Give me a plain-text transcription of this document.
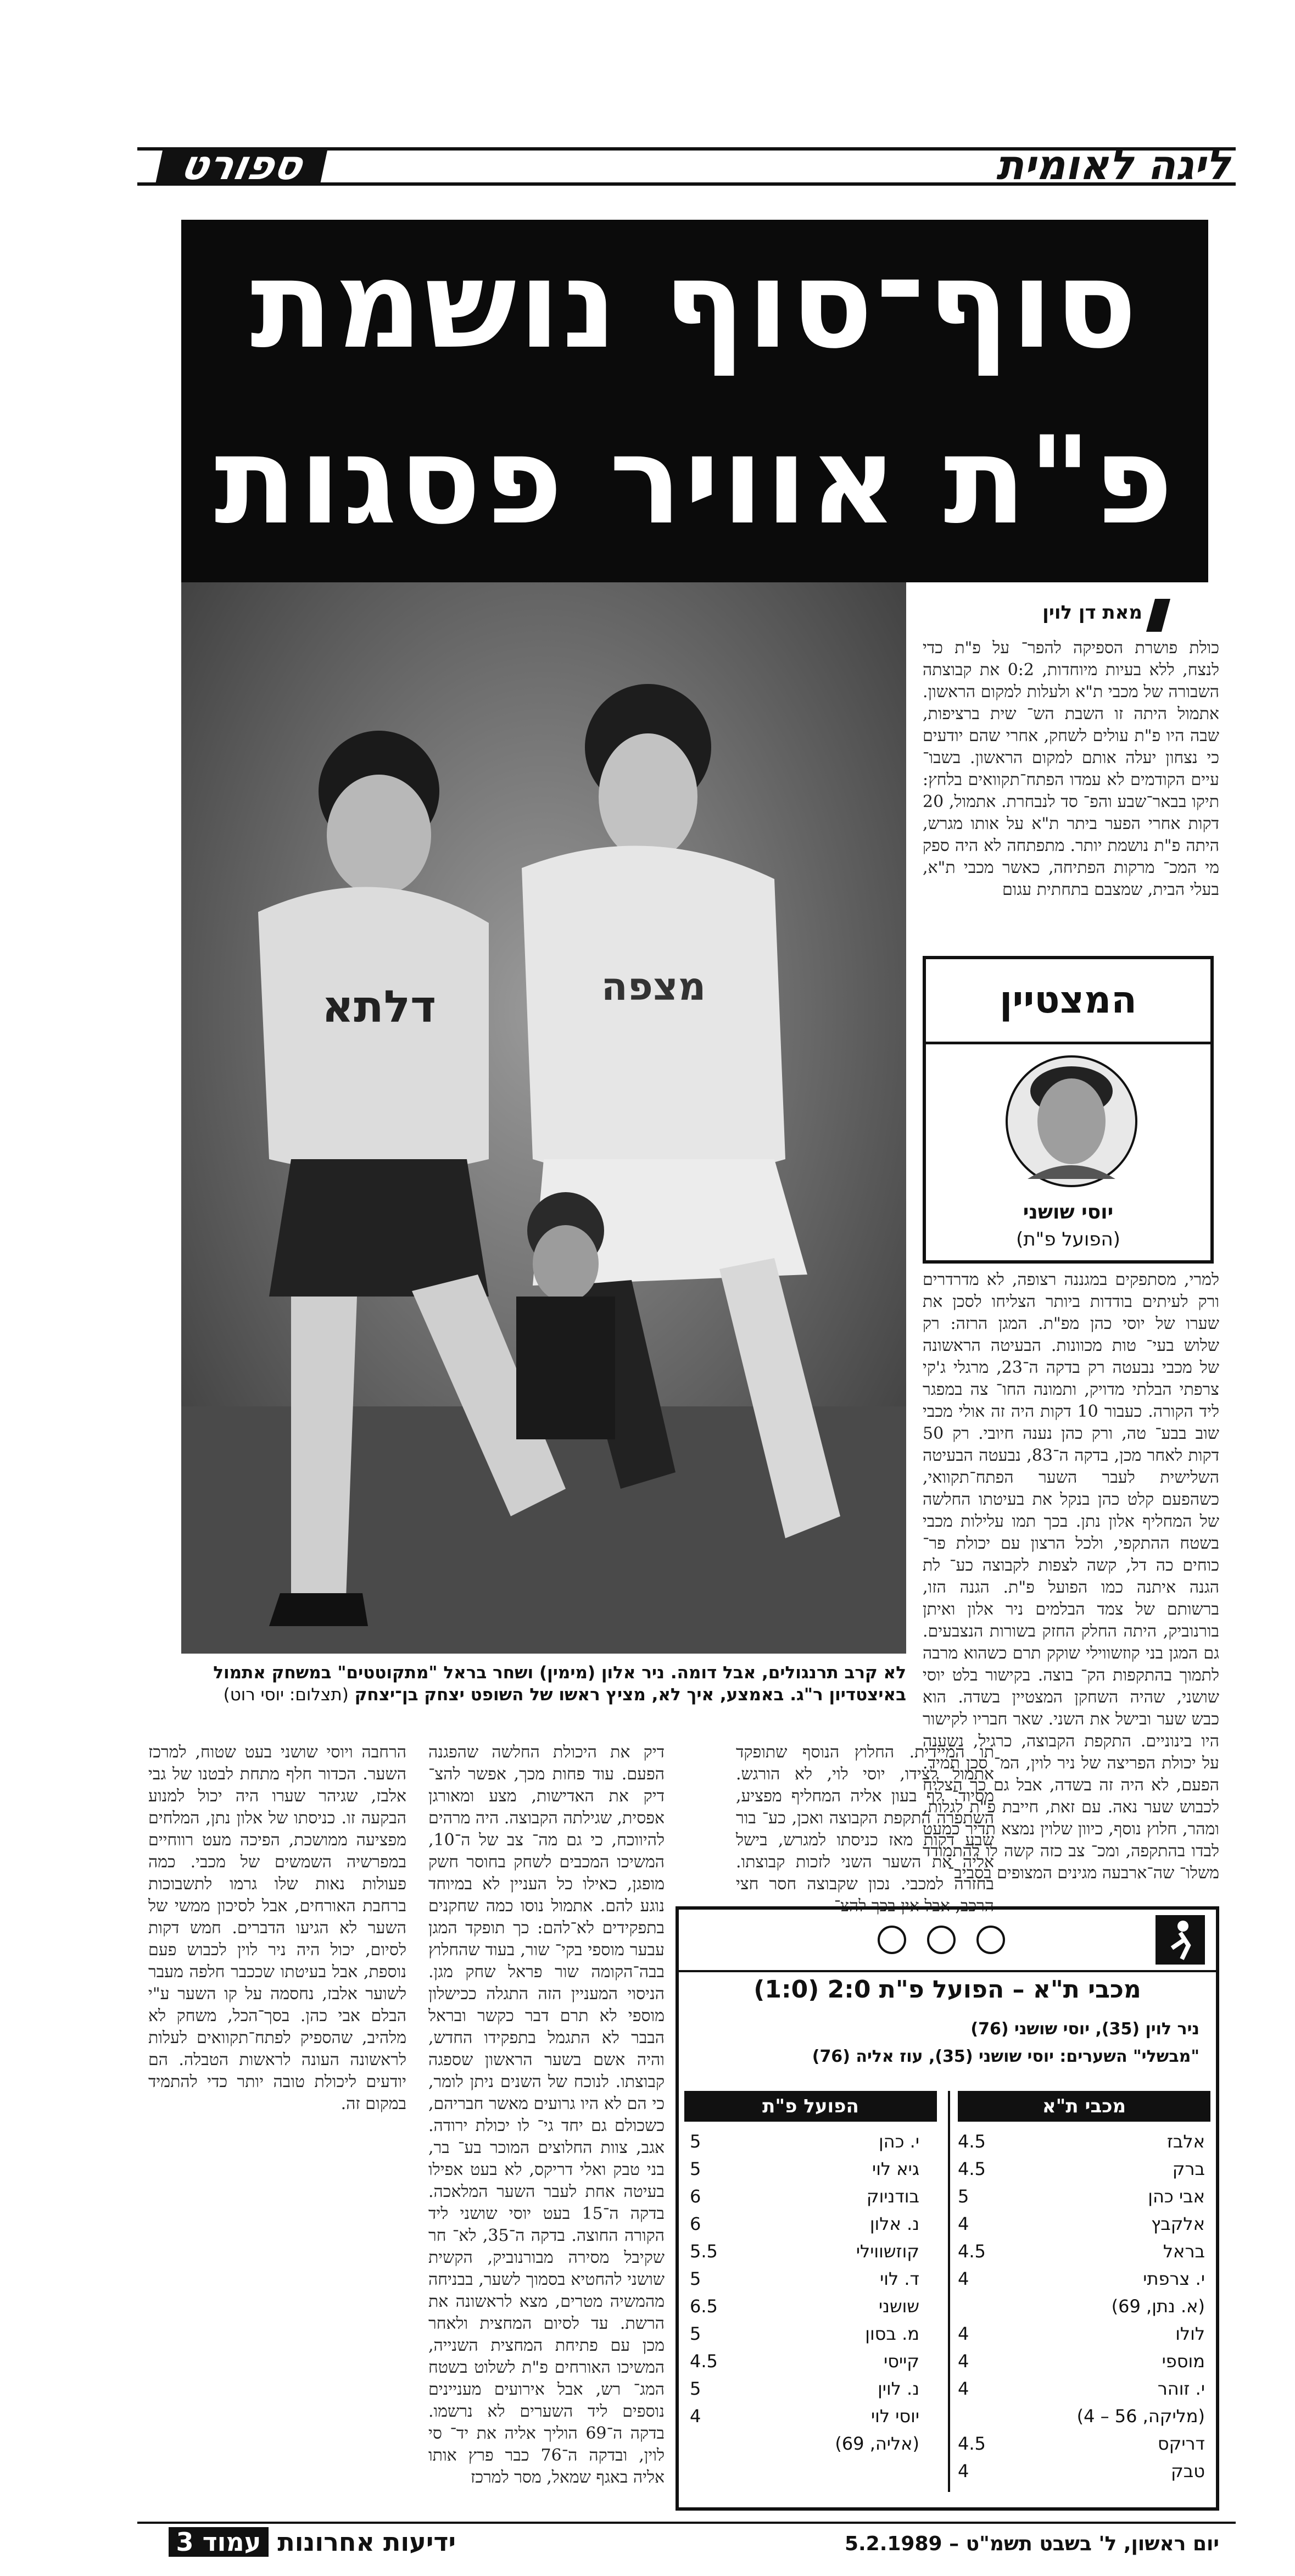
ספורט	ליגה לאומית
סוף־סוף נושמת
פ"ת אוויר פסגות
דלתא	מצפה
לא קרב תרנגולים, אבל דומה. ניר אלון (מימין) ושחר בראל "מתקוטטים" במשחק אתמול באיצטדיון ר"ג. באמצע, איך לא, מציץ ראשו של השופט יצחק בן־יצחק (תצלום: יוסי רוט)
מאת דן לוין
כולת פושרת הספיקה להפר־ על פ"ת כדי לנצח, ללא בעיות מיוחדות, 0:2 את קבוצתה השבורה של מכבי ת"א ולעלות למקום הראשון. אתמול היתה זו השבת הש־ שית ברציפות, שבה היו פ"ת עולים לשחק, אחרי שהם יודעים כי נצחון יעלה אותם למקום הראשון. בשבו־ עיים הקודמים לא עמדו הפתח־תקוואים בלחץ: תיקו בבאר־שבע והפ־ סד לנבחרת. אתמול, 20 דקות אחרי הפער ביתר ת"א על אותו מגרש, היתה פ"ת נושמת יותר. מתפתחה לא היה ספק מי המכ־ מרקות הפתיחה, כאשר מכבי ת"א, בעלי הבית, שמצבם בתחתית עגום
המצטיין
יוסי שושני
(הפועל פ"ת)
למרי, מסתפקים במגננה רצופה, לא מדרדרים ורק לעיתים בודדות ביותר הצליחו לסכן את שערו של יוסי כהן מפ"ת. המגן הרזה: רק שלוש בעי־ טות מכוונות. הבעיטה הראשונה של מכבי נבעטה רק בדקה ה־23, מרגלי ג'קי צרפתי הבלתי מדויק, ותמונה החו־ צה במפגר ליד הקורה. כעבור 10 דקות היה זה אולי מכבי שוב בבע־ טה, ורק כהן נענה חיובי. רק 50 דקות לאחר מכן, בדקה ה־83, נבעטה הבעיטה השלישית לעבר השער הפתח־תקוואי, כשהפעם קלט כהן בנקל את בעיטתו החלשה של המחליף אלון נתן. בכך תמו עלילות מכבי בשטח ההתקפי, ולכל הרצון עם יכולת פר־ כוחים כה דל, קשה לצפות לקבוצה כע־ לת הגנה איתנה כמו הפועל פ"ת. הגנה הזו, ברשותם של צמד הבלמים ניר אלון ואיתן בורנוביק, היתה החלק החזק בשורות הנצבעים. גם המגן בני קוזשווילי שוקק תרם כשהוא מרבה לתמוך בהתקפות הק־ בוצה. בקישור בלט יוסי שושני, שהיה השחקן המצטיין בשדה. הוא כבש שער ובישל את השני. שאר חבריו לקישור היו בינוניים. התקפת הקבוצה, כרגיל, נשענה על יכולת הפריצה של ניר לוין, המ־ סכן תמיד. הפעם, לא היה זה בשדה, אבל גם כך הצליח לכבוש שער נאה. עם זאת, חייבת פ"ת לגלות, ומהר, חלוץ נוסף, כיוון שלוין נמצא תדיר כמעט לבדו בהתקפה, ומכ־ צב כזה קשה לו להתמודד משלו־ שה־ארבעה מגינים המצופים בסביב־
תו המיידית. החלוץ הנוסף שתופקד אתמול לצידו, יוסי לוי, לא הורגש. מסיוד־ לף בעון אליה המחליף מפציע, השתפרה התקפת הקבוצה ואכן, כע־ בור שבע דקות מאז כניסתו למגרש, בישל אליה את השער השני לזכות קבוצתו. בחזרה למכבי. נכון שקבוצה חסר חצי הרכב, אבל אין בכך להצ־
דיק את היכולת החלשה שהפגנה הפעם. עוד פחות מכך, אפשר להצ־ דיק את האדישות, מצע ומאורגן אפסית, שגילתה הקבוצה. היה מרהים להיווכח, כי גם מה־ צב של ה־10, המשיכו המכבים לשחק בחוסר חשק מופגן, כאילו כל העניין לא במיוחד נוגע להם. אתמול נוסו כמה שחקנים בתפקידים לא־להם: כך תופקד המגן עבער מוספי בקי־ שור, בעוד שהחלוץ בבה־הקומה שור פראל שחק מגן. הניסוי המעניין הזה התגלה ככישלון מוספי לא תרם דבר כקשר ובראל הבבר לא התגמל בתפקידו החדש, והיה אשם בשער הראשון שספגה קבוצתו. לנוכח של השנים ניתן לומר, כי הם לא היו גרועים מאשר חבריהם, כשכולם גם יחד גי־ לו יכולת ירודה. אגב, צוות החלוצים המוכר בע־ בר, בני טבק ואלי דריקס, לא בעט אפילו בעיטה אחת לעבר השער המלאכה. בדקה ה־15 בעט יוסי שושני ליד הקורה החוצה. בדקה ה־35, לא־ חר שקיבל מסירה מבורנוביק, הקשית שושני להחטיא בסמוך לשער, בבניחה מהמשיה מטרים, מצא לראשונה את הרשת. עד לסיום המחצית ולאחר מכן עם פתיחת המחצית השנייה, המשיכו האורחים פ"ת לשלוט בשטח המג־ רש, אבל אירועים מעניינים נוספים ליד השערים לא נרשמו. בדקה ה־69 הוליך אליה את יד־ סי לוין, ובדקה ה־76 כבר פרץ אותו אליה באגף שמאל, מסר למרכז
הרחבה ויוסי שושני בעט שטוח, למרכז השער. הכדור חלף מתחת לבטנו של גבי אלבז, שגיהר שערו היה יכול למנוע הבקעה זו. כניסתו של אלון נתן, המלחים מפציעה ממושכת, הפיכה מעט רווחיים במפרשיה השמשים של מכבי. כמה פעולות נאות שלו גרמו לתשבוכות ברחבת האורחים, אבל לסיכון ממשי של השער לא הגיעו הדברים. חמש דקות לסיום, יכול היה ניר לוין לכבוש פעם נוספת, אבל בעיטתו שככבר חלפה מעבר לשוער אלבז, נחסמה על קו השער ע"י הבלם אבי כהן. בסך־הכל, משחק לא מלהיב, שהספיק לפתח־תקוואים לעלות לראשונה העונה לראשות הטבלה. הם יודעים ליכולת טובה יותר כדי להתמיד במקום זה.
מכבי ת"א – הפועל פ"ת 2:0 (1:0)
ניר לוין (35), יוסי שושני (76)
"מבשלי" השערים: יוסי שושני (35), עוז אליה (76)
מכבי ת"א
הפועל פ"ת
אלבז
4.5
ברק
4.5
אבי כהן
5
אלקבץ
4
בראל
4.5
י. צרפתי
4
(א. נתן, 69)
לולו
4
מוספי
4
י. זוהר
4
(מליקה, 56 – 4)
דריקס
4.5
טבק
4
י. כהן
5
גיא לוי
5
בודניוק
6
נ. אלון
6
קוזשווילי
5.5
ד. לוי
5
שושני
6.5
מ. בסון
5
קייסי
4.5
נ. לוין
5
יוסי לוי
4
(אליה, 69)
יום ראשון, ל' בשבט תשמ"ט – 5.2.1989
ידיעות אחרונות עמוד 3
